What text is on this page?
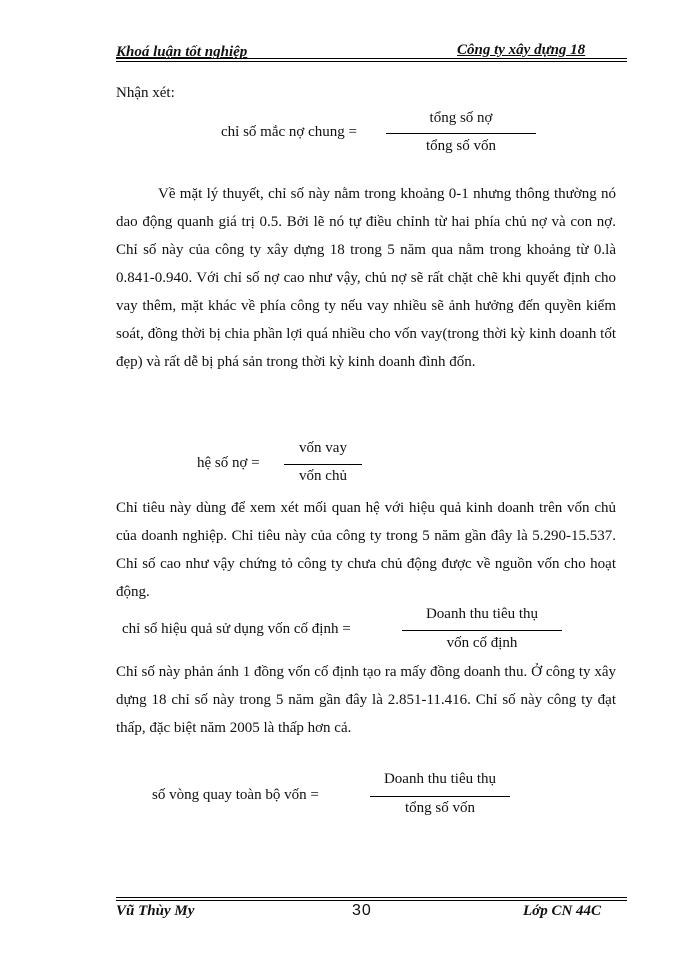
Khoá luận tốt nghiệp	Công ty xây dựng 18
Nhận xét:
chỉ số mắc nợ chung =
tổng số nợ
tổng số vốn
Về mặt lý thuyết, chỉ số này nằm trong khoảng 0-1 nhưng thông thường nó dao động quanh giá trị 0.5. Bởi lẽ nó tự điều chỉnh từ hai phía chủ nợ và con nợ. Chỉ số này của công ty xây dựng 18 trong 5 năm qua nằm trong khoảng từ 0.là 0.841-0.940. Với chỉ số nợ cao như vậy, chủ nợ sẽ rất chặt chẽ khi quyết định cho vay thêm, mặt khác về phía công ty nếu vay nhiều sẽ ảnh hưởng đến quyền kiểm soát, đồng thời bị chia phần lợi quá nhiều cho vốn vay(trong thời kỳ kinh doanh tốt đẹp) và rất dễ bị phá sản trong thời kỳ kinh doanh đình đốn.
hệ số nợ =
vốn vay
vốn chủ
Chỉ tiêu này dùng để xem xét mối quan hệ với hiệu quả kinh doanh trên vốn chủ của doanh nghiệp. Chỉ tiêu này của công ty trong 5 năm gần đây là 5.290-15.537. Chỉ số cao như vậy chứng tỏ công ty chưa chủ động được về nguồn vốn cho hoạt động.
chỉ số hiệu quả sử dụng vốn cố định =
Doanh thu tiêu thụ
vốn cố định
Chỉ số này phản ánh 1 đồng vốn cố định tạo ra mấy đồng doanh thu. Ở công ty xây dựng 18 chỉ số này trong 5 năm gần đây là 2.851-11.416. Chỉ số này công ty đạt thấp, đặc biệt năm 2005 là thấp hơn cả.
số vòng quay toàn bộ vốn =
Doanh thu tiêu thụ
tổng số vốn
Vũ Thùy My	30	Lớp CN 44C
